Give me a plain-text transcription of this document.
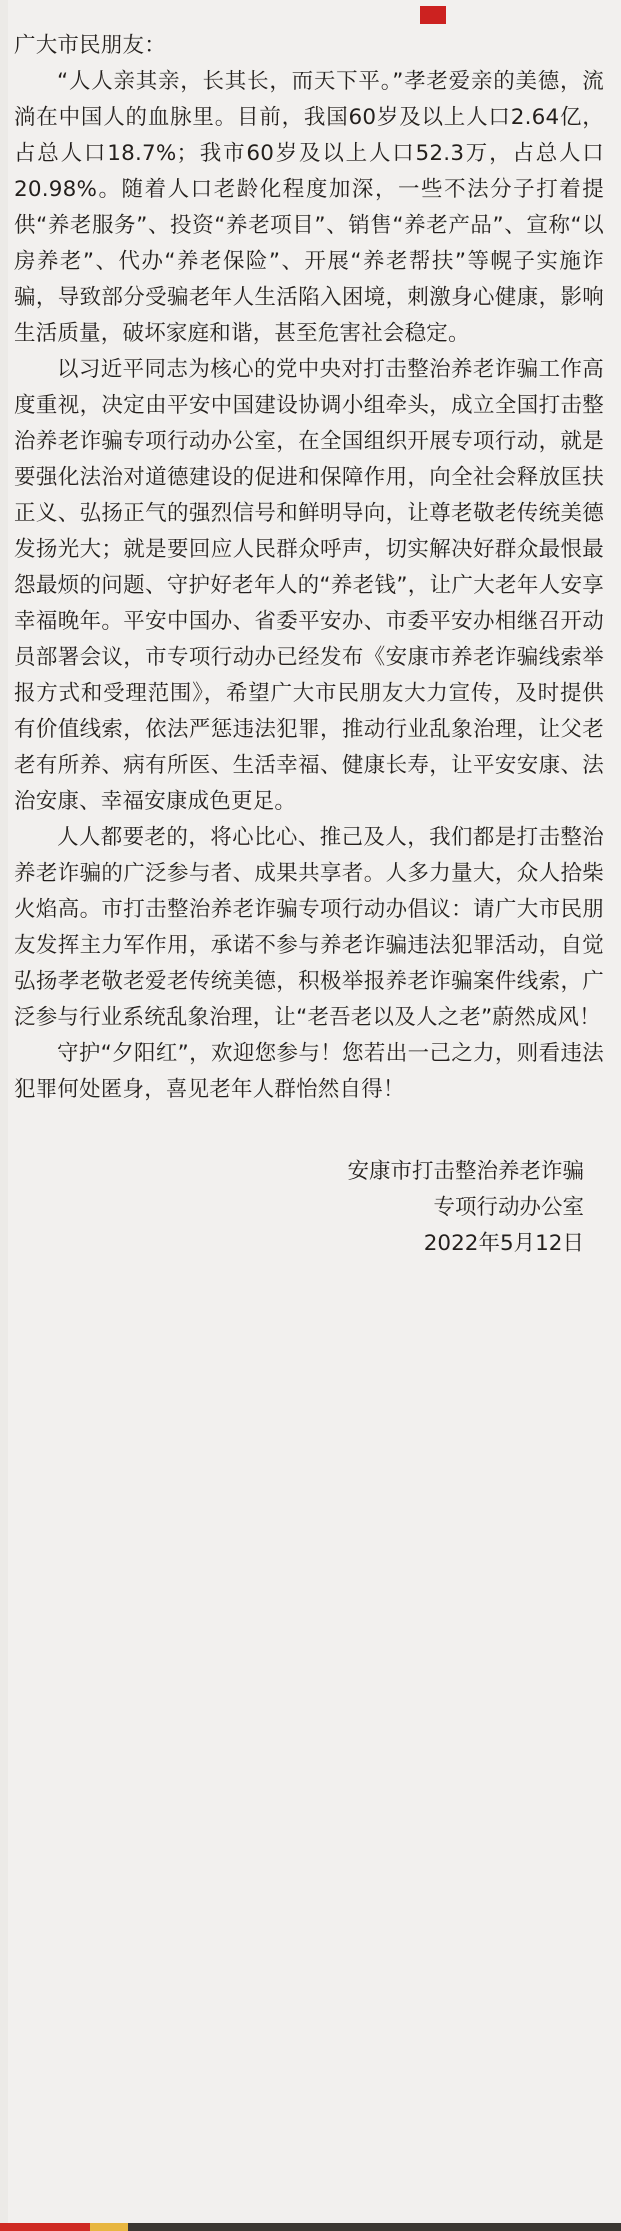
广大市民朋友：

“人人亲其亲，长其长，而天下平。”孝老爱亲的美德，流淌在中国人的血脉里。目前，我国60岁及以上人口2.64亿，占总人口18.7%；我市60岁及以上人口52.3万，占总人口20.98%。随着人口老龄化程度加深，一些不法分子打着提供“养老服务”、投资“养老项目”、销售“养老产品”、宣称“以房养老”、代办“养老保险”、开展“养老帮扶”等幌子实施诈骗，导致部分受骗老年人生活陷入困境，刺激身心健康，影响生活质量，破坏家庭和谐，甚至危害社会稳定。

以习近平同志为核心的党中央对打击整治养老诈骗工作高度重视，决定由平安中国建设协调小组牵头，成立全国打击整治养老诈骗专项行动办公室，在全国组织开展专项行动，就是要强化法治对道德建设的促进和保障作用，向全社会释放匡扶正义、弘扬正气的强烈信号和鲜明导向，让尊老敬老传统美德发扬光大；就是要回应人民群众呼声，切实解决好群众最恨最怨最烦的问题、守护好老年人的“养老钱”，让广大老年人安享幸福晚年。平安中国办、省委平安办、市委平安办相继召开动员部署会议，市专项行动办已经发布《安康市养老诈骗线索举报方式和受理范围》，希望广大市民朋友大力宣传，及时提供有价值线索，依法严惩违法犯罪，推动行业乱象治理，让父老老有所养、病有所医、生活幸福、健康长寿，让平安安康、法治安康、幸福安康成色更足。

人人都要老的，将心比心、推己及人，我们都是打击整治养老诈骗的广泛参与者、成果共享者。人多力量大，众人拾柴火焰高。市打击整治养老诈骗专项行动办倡议：请广大市民朋友发挥主力军作用，承诺不参与养老诈骗违法犯罪活动，自觉弘扬孝老敬老爱老传统美德，积极举报养老诈骗案件线索，广泛参与行业系统乱象治理，让“老吾老以及人之老”蔚然成风！

守护“夕阳红”，欢迎您参与！您若出一己之力，则看违法犯罪何处匿身，喜见老年人群怡然自得！

安康市打击整治养老诈骗
专项行动办公室
2022年5月12日
